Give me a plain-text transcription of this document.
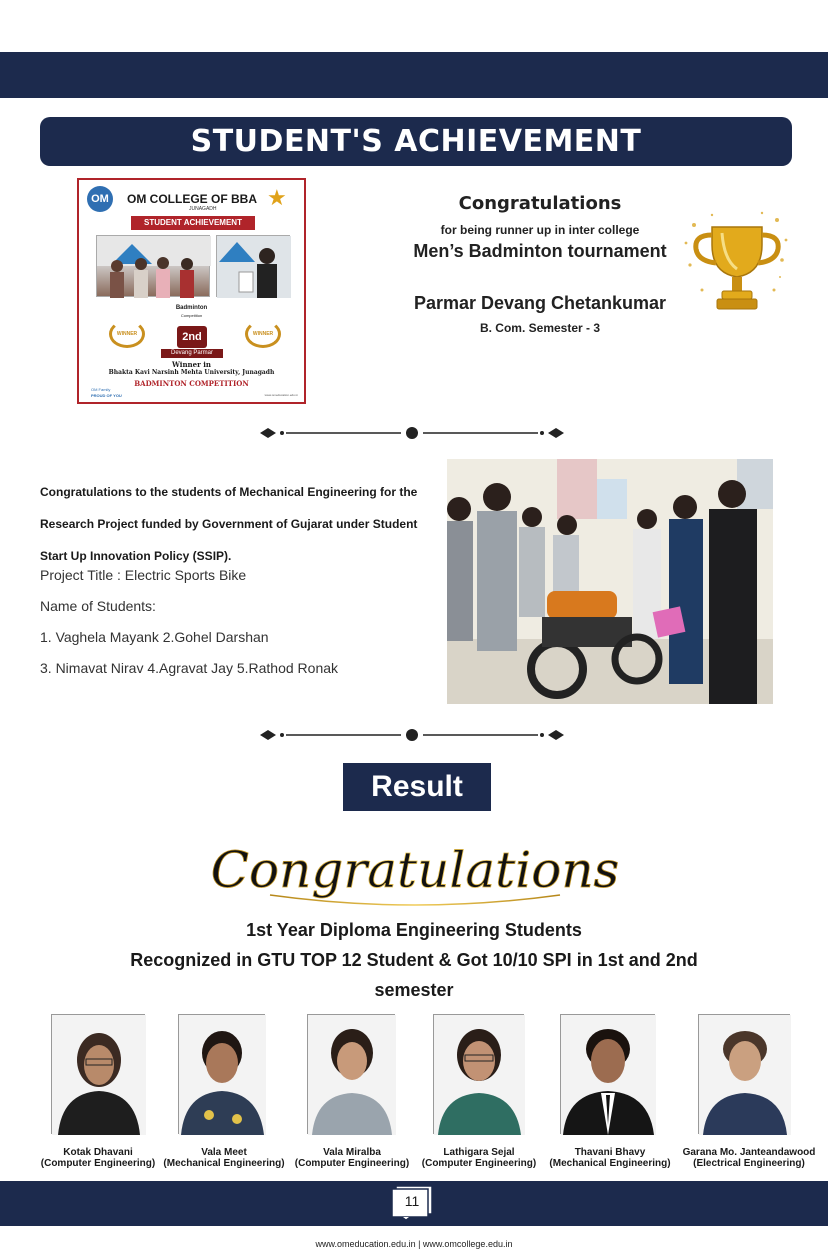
STUDENT'S ACHIEVEMENT
OM	OM COLLEGE OF BBA
JUNAGADH ★
STUDENT ACHIEVEMENT
Badminton
Competition
WINNER	2nd	WINNER
Devang Parmar
Winner in
Bhakta Kavi Narsinh Mehta University, Junagadh
BADMINTON COMPETITION
OM Family
PROUD OF YOU	www.omeducation.edu.in
Congratulations
for being runner up in inter college
Men’s Badminton tournament
Parmar Devang Chetankumar
B. Com. Semester - 3
Congratulations to the students of Mechanical Engineering for the Research Project funded by Government of Gujarat under Student Start Up Innovation Policy (SSIP).
Project Title : Electric Sports Bike
Name of Students:
1. Vaghela Mayank 2.Gohel Darshan
3. Nimavat Nirav 4.Agravat Jay 5.Rathod Ronak
Result
Congratulations
1st Year Diploma Engineering Students
Recognized in GTU TOP 12 Student & Got 10/10 SPI in 1st and 2nd
semester
Kotak Dhavani
(Computer Engineering)
Vala Meet
(Mechanical Engineering)
Vala Miralba
(Computer Engineering)
Lathigara Sejal
(Computer Engineering)
Thavani Bhavy
(Mechanical Engineering)
Garana Mo. Janteandawood
(Electrical Engineering)
11
www.omeducation.edu.in | www.omcollege.edu.in
